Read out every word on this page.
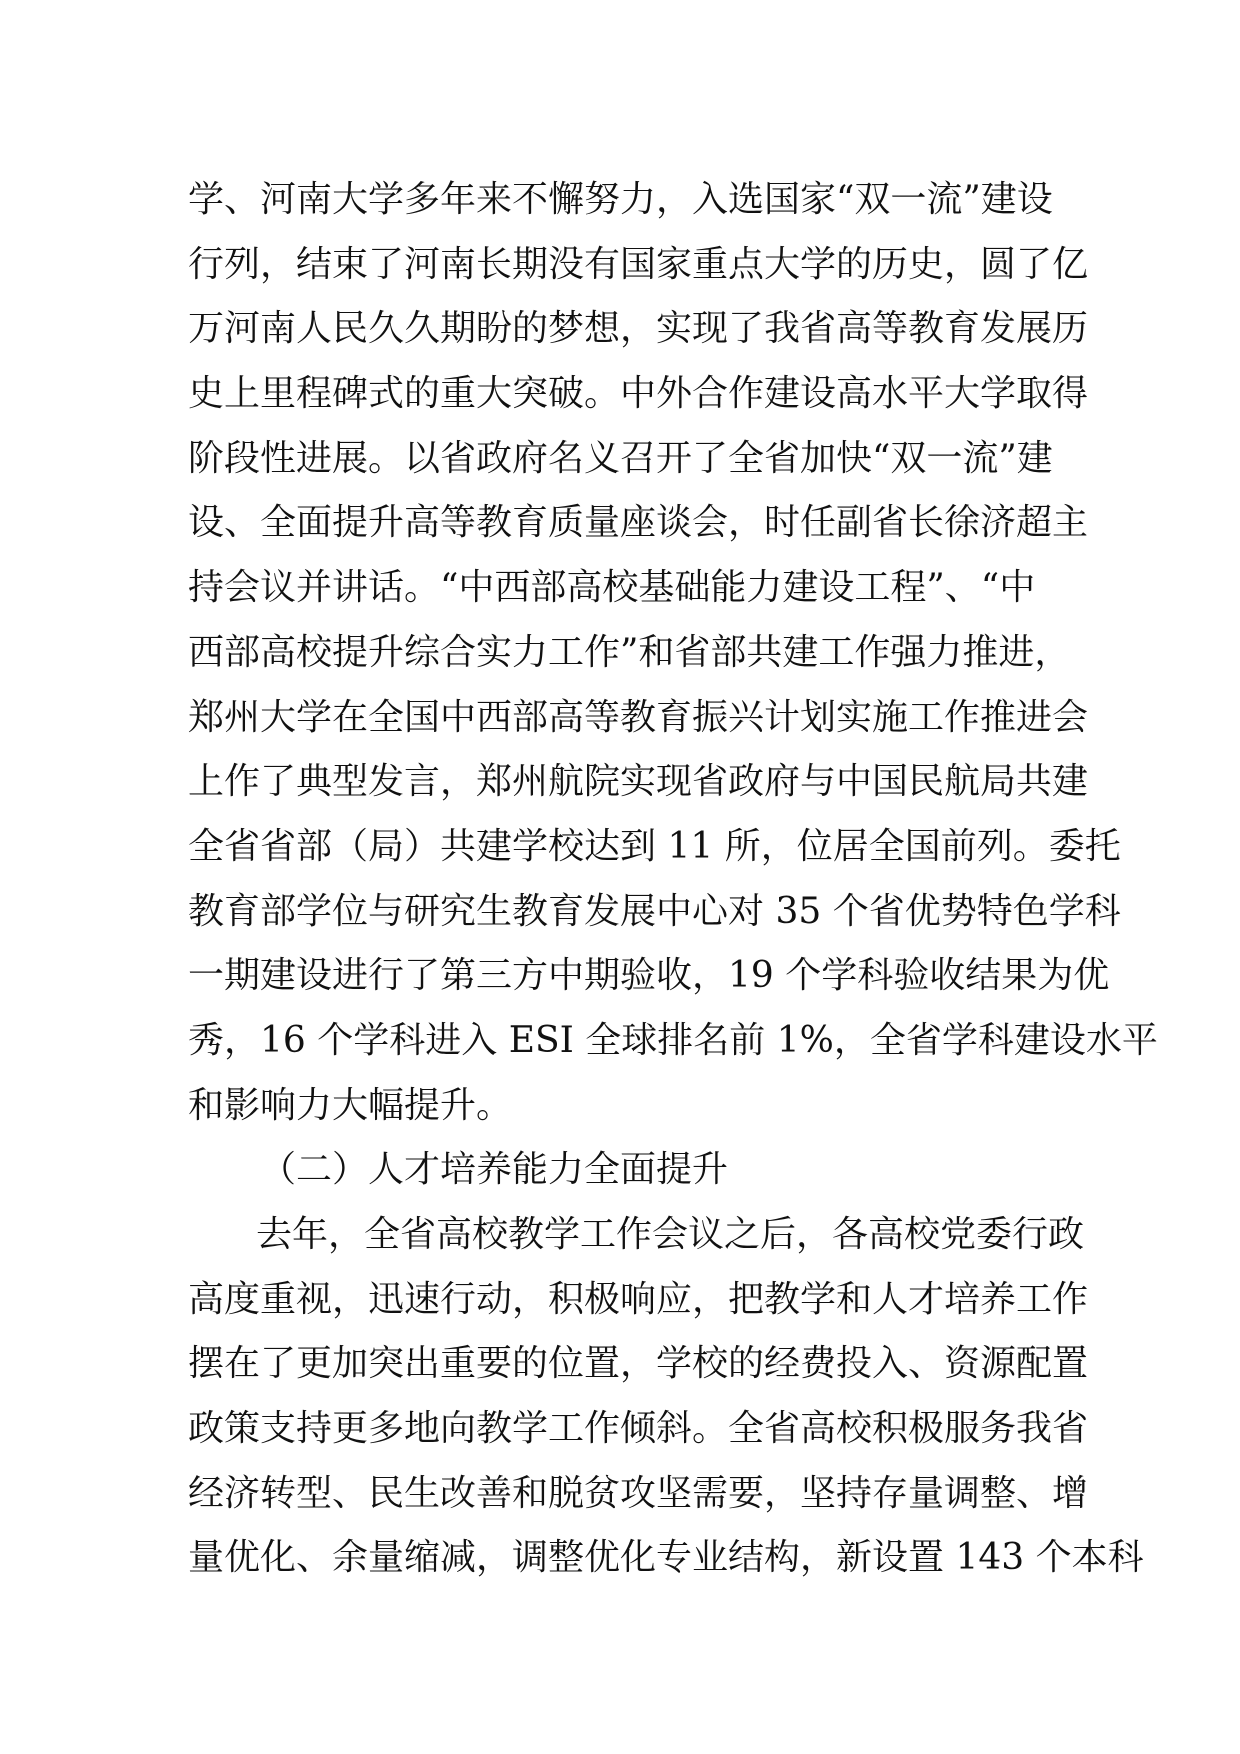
学、河南大学多年来不懈努力，入选国家“双一流”建设
行列，结束了河南长期没有国家重点大学的历史，圆了亿
万河南人民久久期盼的梦想，实现了我省高等教育发展历
史上里程碑式的重大突破。中外合作建设高水平大学取得
阶段性进展。以省政府名义召开了全省加快“双一流”建
设、全面提升高等教育质量座谈会，时任副省长徐济超主
持会议并讲话。“中西部高校基础能力建设工程”、“中
西部高校提升综合实力工作”和省部共建工作强力推进，
郑州大学在全国中西部高等教育振兴计划实施工作推进会
上作了典型发言，郑州航院实现省政府与中国民航局共建
全省省部（局）共建学校达到 11 所，位居全国前列。委托
教育部学位与研究生教育发展中心对 35 个省优势特色学科
一期建设进行了第三方中期验收，19 个学科验收结果为优
秀，16 个学科进入 ESI 全球排名前 1%，全省学科建设水平
和影响力大幅提升。
（二）人才培养能力全面提升
去年，全省高校教学工作会议之后，各高校党委行政
高度重视，迅速行动，积极响应，把教学和人才培养工作
摆在了更加突出重要的位置，学校的经费投入、资源配置
政策支持更多地向教学工作倾斜。全省高校积极服务我省
经济转型、民生改善和脱贫攻坚需要，坚持存量调整、增
量优化、余量缩减，调整优化专业结构，新设置 143 个本科
